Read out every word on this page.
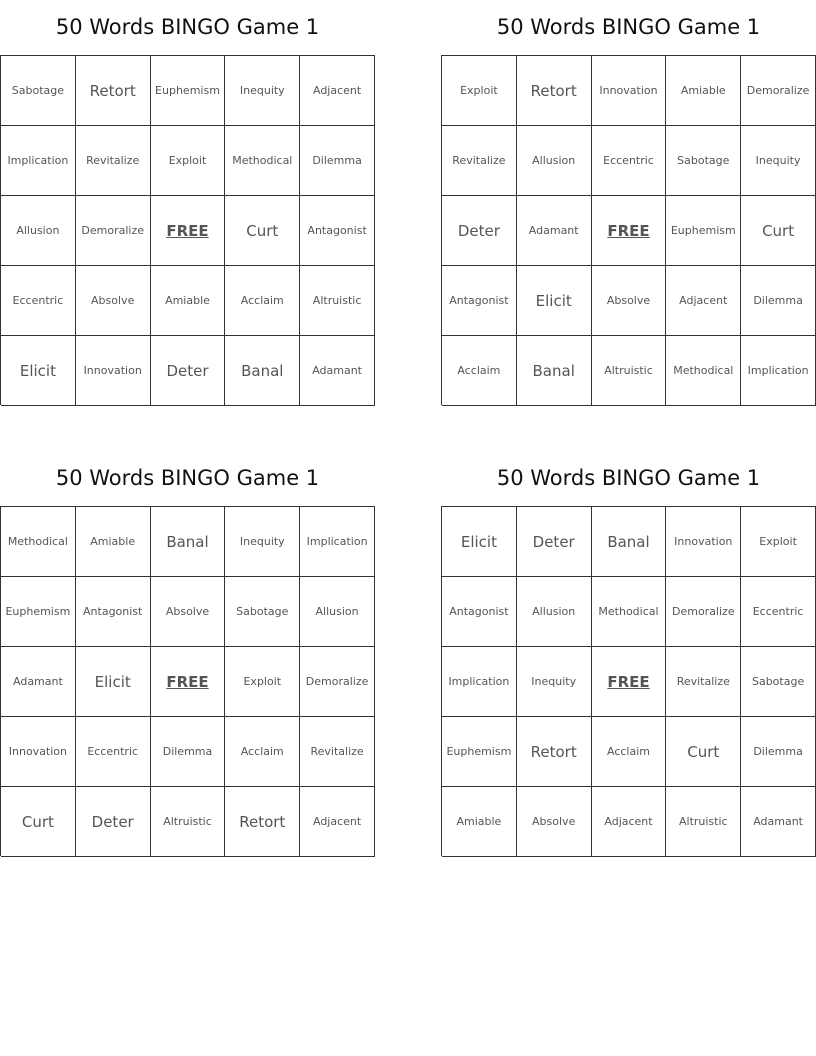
50 Words BINGO Game 1
Sabotage	Retort	Euphemism	Inequity	Adjacent
Implication	Revitalize	Exploit	Methodical	Dilemma
Allusion	Demoralize	FREE	Curt	Antagonist
Eccentric	Absolve	Amiable	Acclaim	Altruistic
Elicit	Innovation	Deter	Banal	Adamant
50 Words BINGO Game 1
Exploit	Retort	Innovation	Amiable	Demoralize
Revitalize	Allusion	Eccentric	Sabotage	Inequity
Deter	Adamant	FREE	Euphemism	Curt
Antagonist	Elicit	Absolve	Adjacent	Dilemma
Acclaim	Banal	Altruistic	Methodical	Implication
50 Words BINGO Game 1
Methodical	Amiable	Banal	Inequity	Implication
Euphemism	Antagonist	Absolve	Sabotage	Allusion
Adamant	Elicit	FREE	Exploit	Demoralize
Innovation	Eccentric	Dilemma	Acclaim	Revitalize
Curt	Deter	Altruistic	Retort	Adjacent
50 Words BINGO Game 1
Elicit	Deter	Banal	Innovation	Exploit
Antagonist	Allusion	Methodical	Demoralize	Eccentric
Implication	Inequity	FREE	Revitalize	Sabotage
Euphemism	Retort	Acclaim	Curt	Dilemma
Amiable	Absolve	Adjacent	Altruistic	Adamant
